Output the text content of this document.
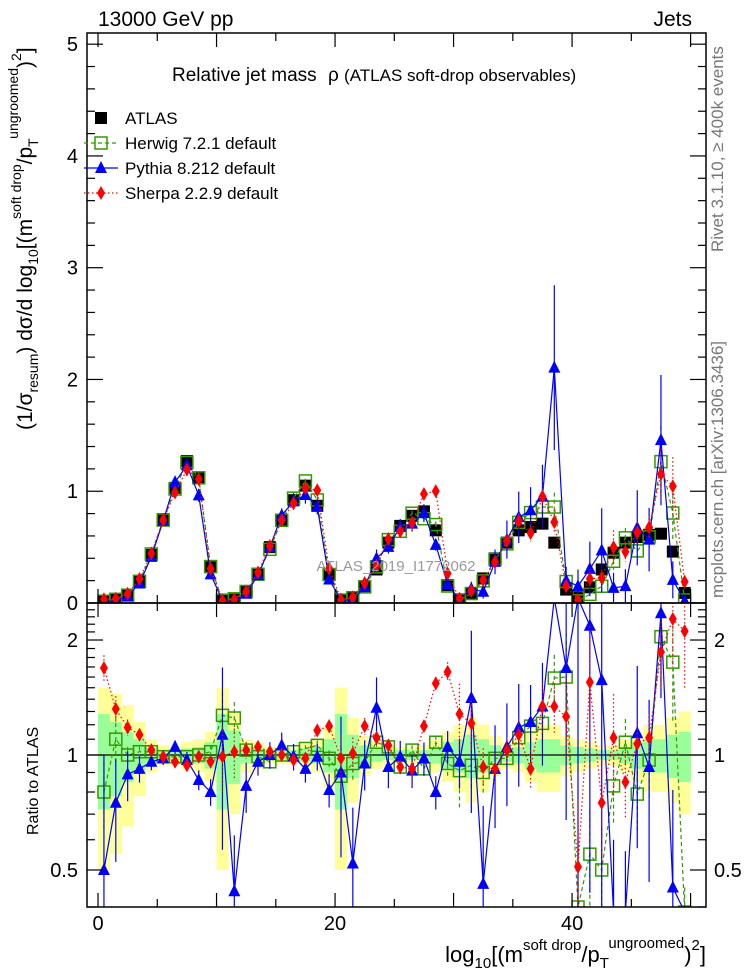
13000 GeV pp	Jets
0	20	40
0
1
2
3
4
5
0.5	0.5
1	1
2	2
ATLAS_2019_I1772062
Relative jet mass ρ (ATLAS soft-drop observables)
ATLAS
Herwig 7.2.1 default
Pythia 8.212 default
Sherpa 2.2.9 default
$(1/\sigma_{resum})$ dσ/d $\log_{10}[(m^{soft drop}/p_T^{ungroomed})^2]$
Ratio to ATLAS
$\log_{10}[(m^{soft drop}/p_T^{ungroomed})^2]$
Rivet 3.1.10, ≥ 400k events
mcplots.cern.ch [arXiv:1306.3436]
